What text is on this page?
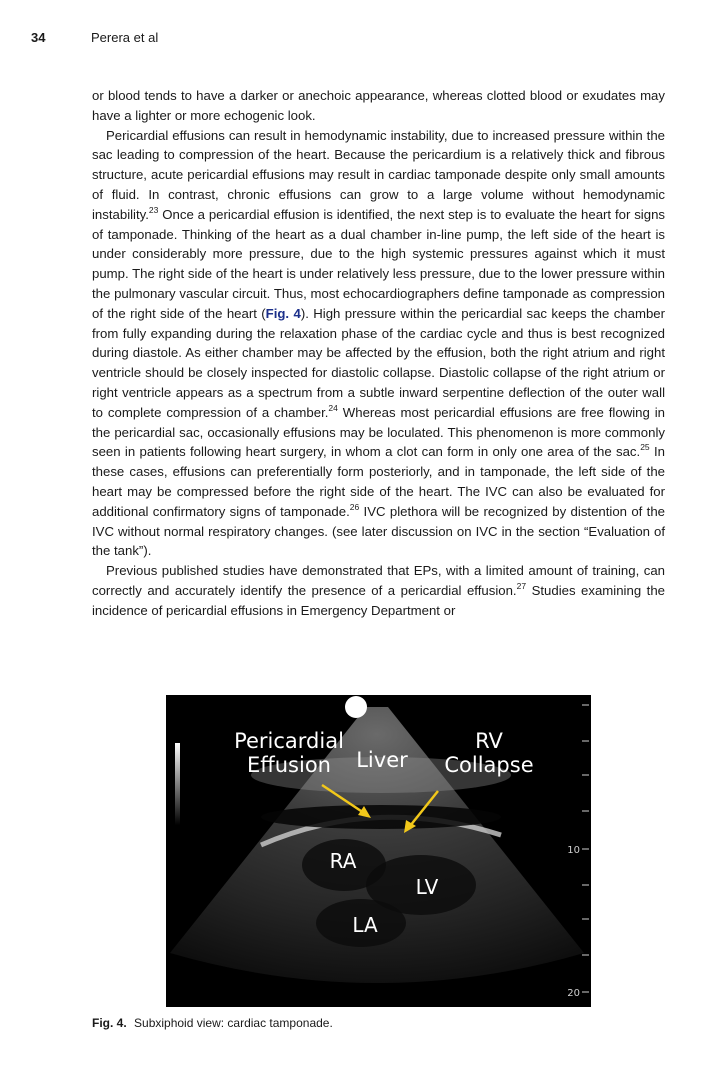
34	Perera et al

or blood tends to have a darker or anechoic appearance, whereas clotted blood or exudates may have a lighter or more echogenic look.

Pericardial effusions can result in hemodynamic instability, due to increased pressure within the sac leading to compression of the heart. Because the pericardium is a relatively thick and fibrous structure, acute pericardial effusions may result in cardiac tamponade despite only small amounts of fluid. In contrast, chronic effusions can grow to a large volume without hemodynamic instability.$^{23}$ Once a pericardial effusion is identified, the next step is to evaluate the heart for signs of tamponade. Thinking of the heart as a dual chamber in-line pump, the left side of the heart is under considerably more pressure, due to the high systemic pressures against which it must pump. The right side of the heart is under relatively less pressure, due to the lower pressure within the pulmonary vascular circuit. Thus, most echocardiographers define tamponade as compression of the right side of the heart (Fig. 4). High pressure within the pericardial sac keeps the chamber from fully expanding during the relaxation phase of the cardiac cycle and thus is best recognized during diastole. As either chamber may be affected by the effusion, both the right atrium and right ventricle should be closely inspected for diastolic collapse. Diastolic collapse of the right atrium or right ventricle appears as a spectrum from a subtle inward serpentine deflection of the outer wall to complete compression of a chamber.$^{24}$ Whereas most pericardial effusions are free flowing in the pericardial sac, occasionally effusions may be loculated. This phenomenon is more commonly seen in patients following heart surgery, in whom a clot can form in only one area of the sac.$^{25}$ In these cases, effusions can preferentially form posteriorly, and in tamponade, the left side of the heart may be compressed before the right side of the heart. The IVC can also be evaluated for additional confirmatory signs of tamponade.$^{26}$ IVC plethora will be recognized by distention of the IVC without normal respiratory changes. (see later discussion on IVC in the section “Evaluation of the tank”).

Previous published studies have demonstrated that EPs, with a limited amount of training, can correctly and accurately identify the presence of a pericardial effusion.$^{27}$ Studies examining the incidence of pericardial effusions in Emergency Department or

10
20
Pericardial
Effusion	Liver
RV
Collapse
RA
LV
LA
Fig. 4. Subxiphoid view: cardiac tamponade.
